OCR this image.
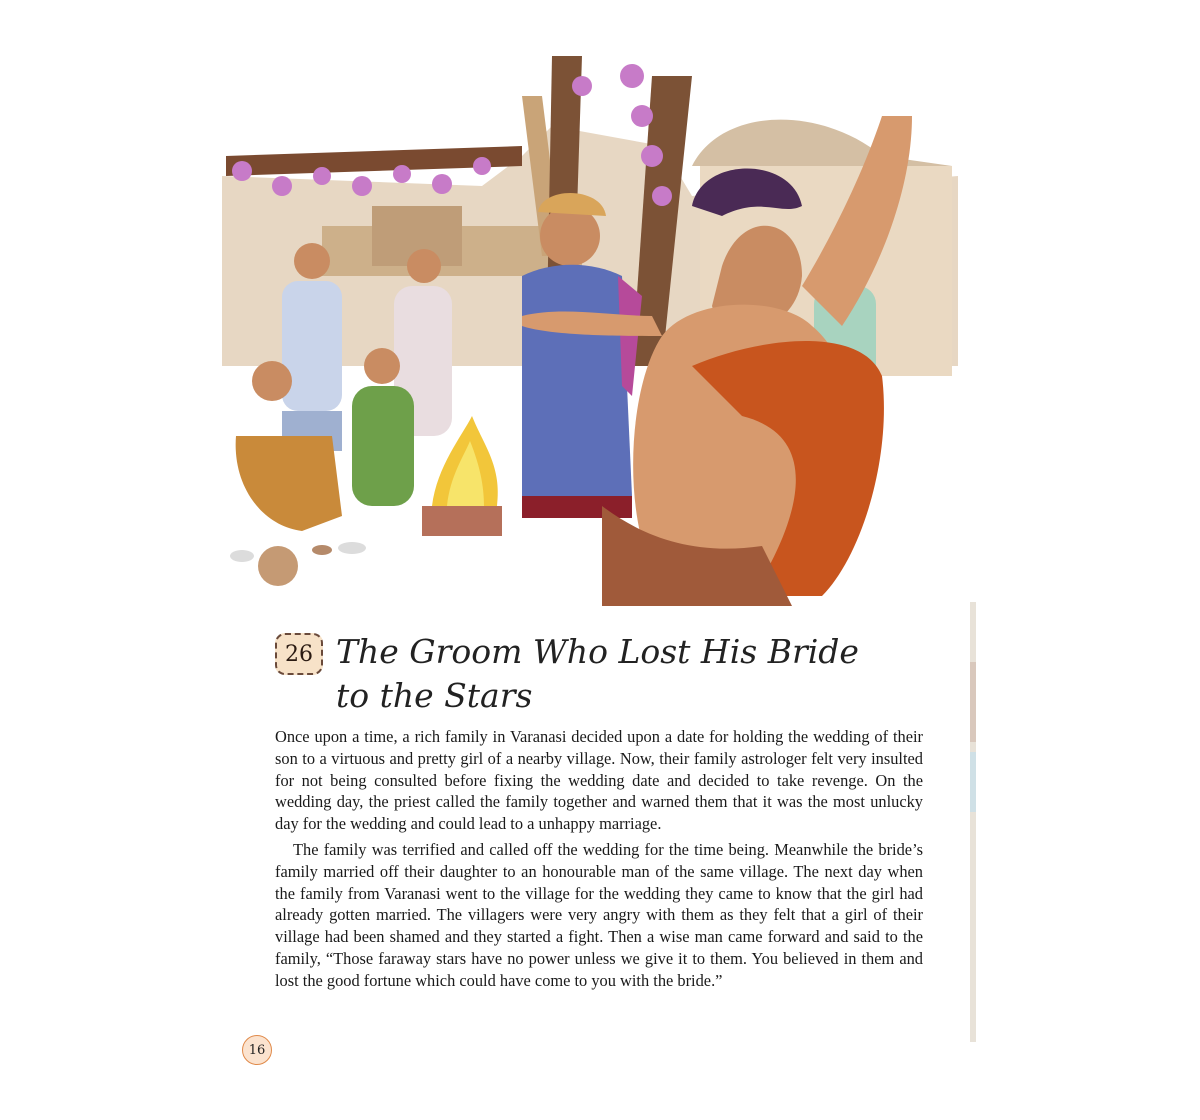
26 The Groom Who Lost His Bride
to the Stars

Once upon a time, a rich family in Varanasi decided upon a date for holding the wedding of their son to a virtuous and pretty girl of a nearby village. Now, their family astrologer felt very insulted for not being consulted before fixing the wedding date and decided to take revenge. On the wedding day, the priest called the family together and warned them that it was the most unlucky day for the wedding and could lead to a unhappy marriage.

The family was terrified and called off the wedding for the time being. Meanwhile the bride’s family married off their daughter to an honourable man of the same village. The next day when the family from Varanasi went to the village for the wedding they came to know that the girl had already gotten married. The villagers were very angry with them as they felt that a girl of their village had been shamed and they started a fight. Then a wise man came forward and said to the family, “Those faraway stars have no power unless we give it to them. You believed in them and lost the good fortune which could have come to you with the bride.”

16
